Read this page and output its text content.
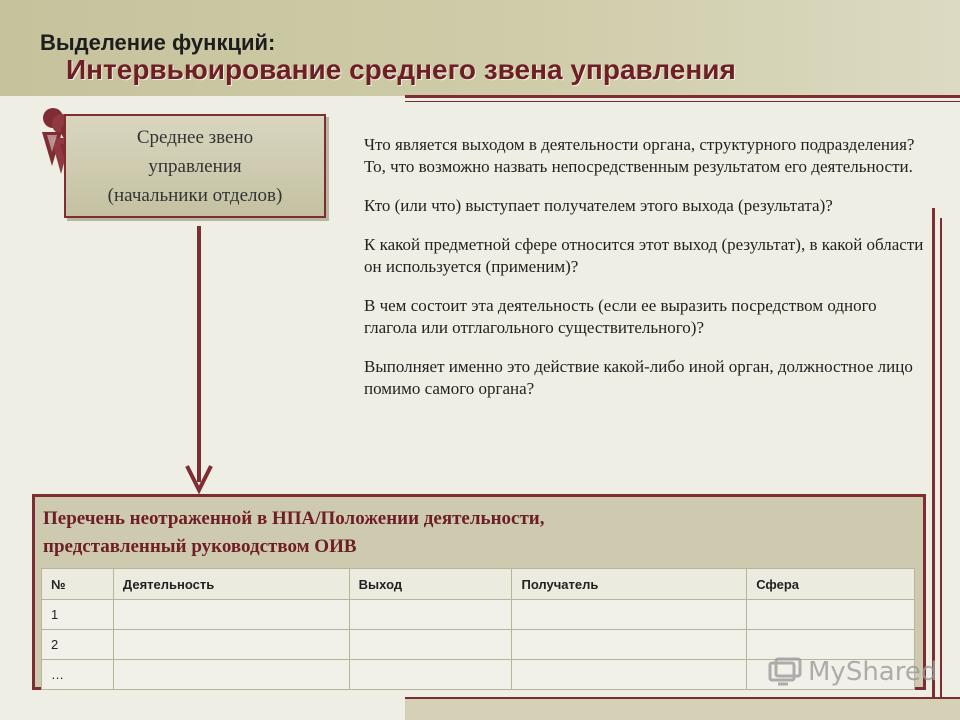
Выделение функций:
Интервьюирование среднего звена управления
Среднее звено
управления
(начальники отделов)

Что является выходом в деятельности органа, структурного подразделения? То, что возможно назвать непосредственным результатом его деятельности.

Кто (или что) выступает получателем этого выхода (результата)?

К какой предметной сфере относится этот выход (результат), в какой области он используется (применим)?

В чем состоит эта деятельность (если ее выразить посредством одного глагола или отглагольного существительного)?

Выполняет именно это действие какой-либо иной орган, должностное лицо помимо самого органа?

Перечень неотраженной в НПА/Положении деятельности,
представленный руководством ОИВ
№	Деятельность	Выход	Получатель	Сфера
1				
2				
…					MyShared
